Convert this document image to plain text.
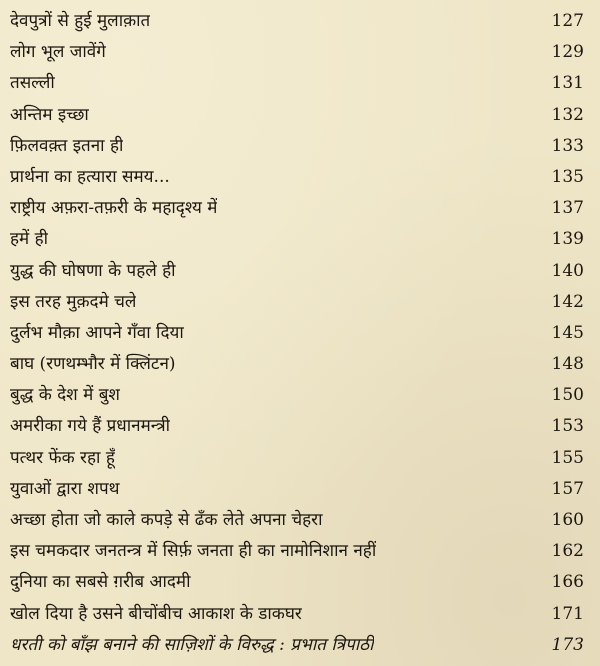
देवपुत्रों से हुई मुलाक़ात	127
लोग भूल जावेंगे	129
तसल्ली	131
अन्तिम इच्छा	132
फ़िलवक़्त इतना ही	133
प्रार्थना का हत्यारा समय...	135
राष्ट्रीय अफ़रा-तफ़री के महादृश्य में	137
हमें ही	139
युद्ध की घोषणा के पहले ही	140
इस तरह मुक़दमे चले	142
दुर्लभ मौक़ा आपने गँवा दिया	145
बाघ (रणथम्भौर में क्लिंटन)	148
बुद्ध के देश में बुश	150
अमरीका गये हैं प्रधानमन्त्री	153
पत्थर फेंक रहा हूँ	155
युवाओं द्वारा शपथ	157
अच्छा होता जो काले कपड़े से ढँक लेते अपना चेहरा	160
इस चमकदार जनतन्त्र में सिर्फ़ जनता ही का नामोनिशान नहीं	162
दुनिया का सबसे ग़रीब आदमी	166
खोल दिया है उसने बीचोंबीच आकाश के डाकघर	171
धरती को बाँझ बनाने की साज़िशों के विरुद्ध : प्रभात त्रिपाठी	173
